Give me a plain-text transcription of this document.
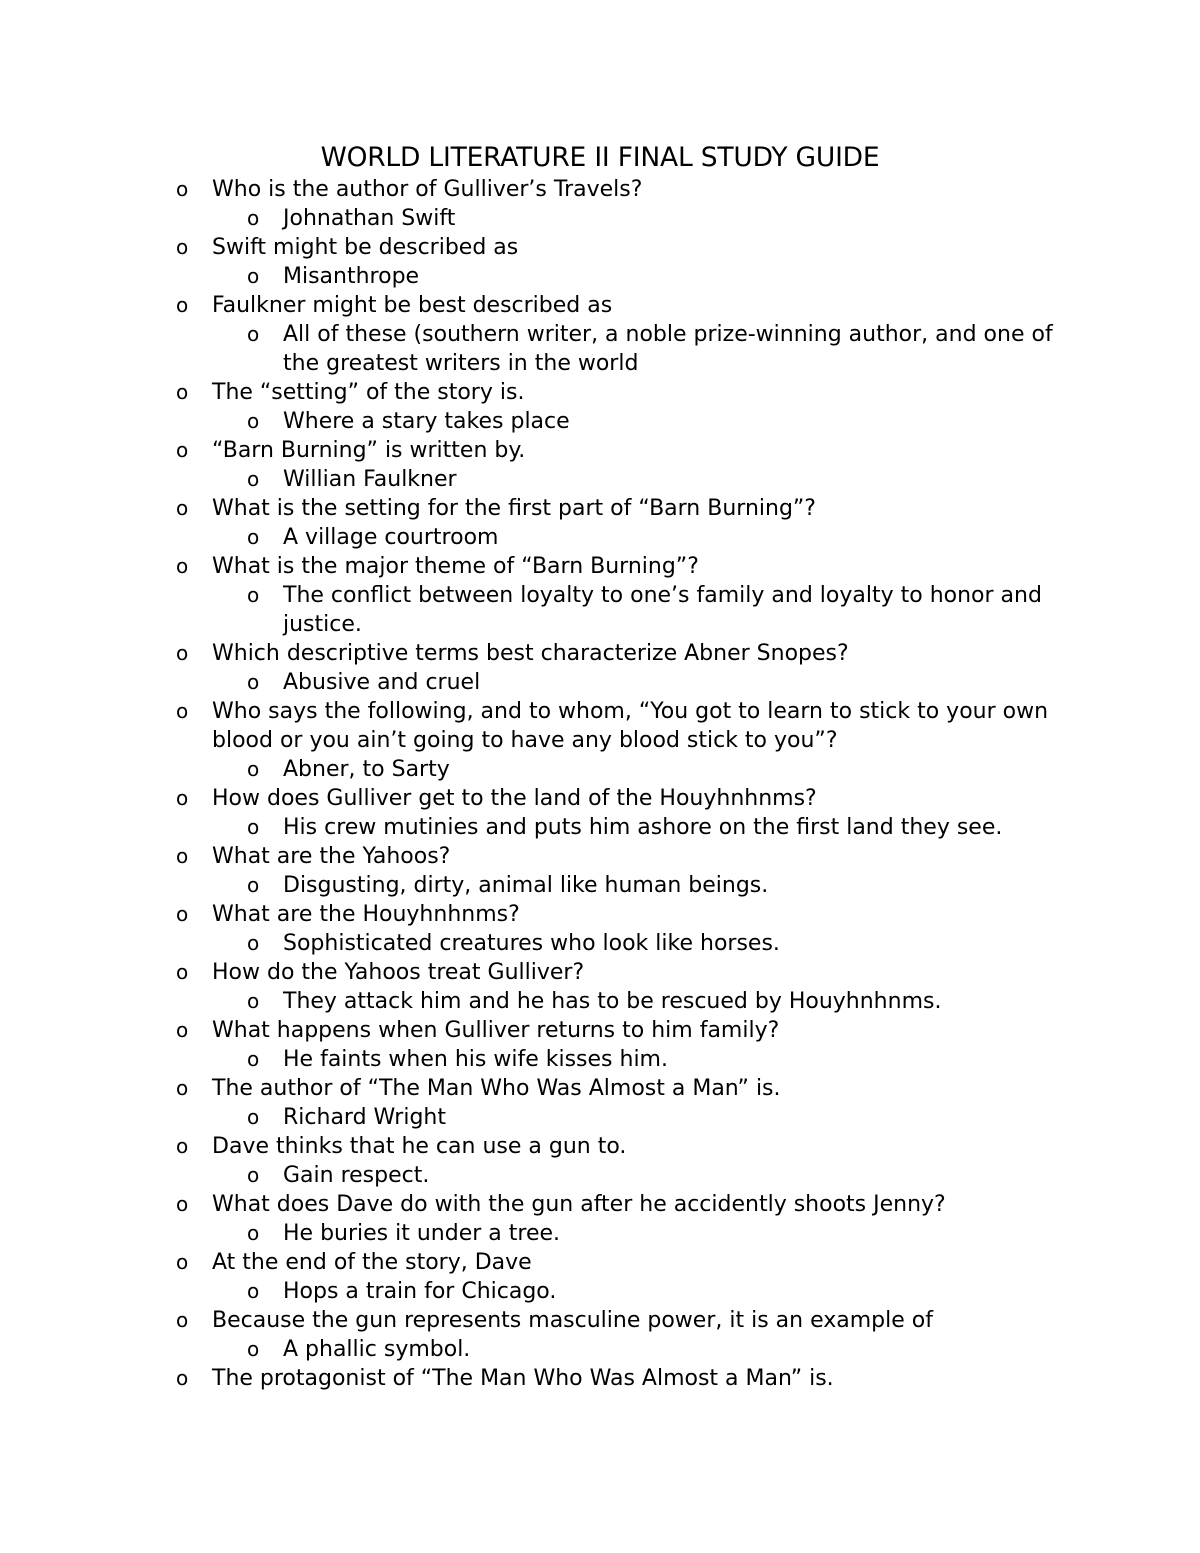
WORLD LITERATURE II FINAL STUDY GUIDE
o Who is the author of Gulliver’s Travels?
o Johnathan Swift
o Swift might be described as
o Misanthrope
o Faulkner might be best described as
o All of these (southern writer, a noble prize-winning author, and one of the greatest writers in the world
o The “setting” of the story is.
o Where a stary takes place
o “Barn Burning” is written by.
o Willian Faulkner
o What is the setting for the first part of “Barn Burning”?
o A village courtroom
o What is the major theme of “Barn Burning”?
o The conflict between loyalty to one’s family and loyalty to honor and justice.
o Which descriptive terms best characterize Abner Snopes?
o Abusive and cruel
o Who says the following, and to whom, “You got to learn to stick to your own blood or you ain’t going to have any blood stick to you”?
o Abner, to Sarty
o How does Gulliver get to the land of the Houyhnhnms?
o His crew mutinies and puts him ashore on the first land they see.
o What are the Yahoos?
o Disgusting, dirty, animal like human beings.
o What are the Houyhnhnms?
o Sophisticated creatures who look like horses.
o How do the Yahoos treat Gulliver?
o They attack him and he has to be rescued by Houyhnhnms.
o What happens when Gulliver returns to him family?
o He faints when his wife kisses him.
o The author of “The Man Who Was Almost a Man” is.
o Richard Wright
o Dave thinks that he can use a gun to.
o Gain respect.
o What does Dave do with the gun after he accidently shoots Jenny?
o He buries it under a tree.
o At the end of the story, Dave
o Hops a train for Chicago.
o Because the gun represents masculine power, it is an example of
o A phallic symbol.
o The protagonist of “The Man Who Was Almost a Man” is.
